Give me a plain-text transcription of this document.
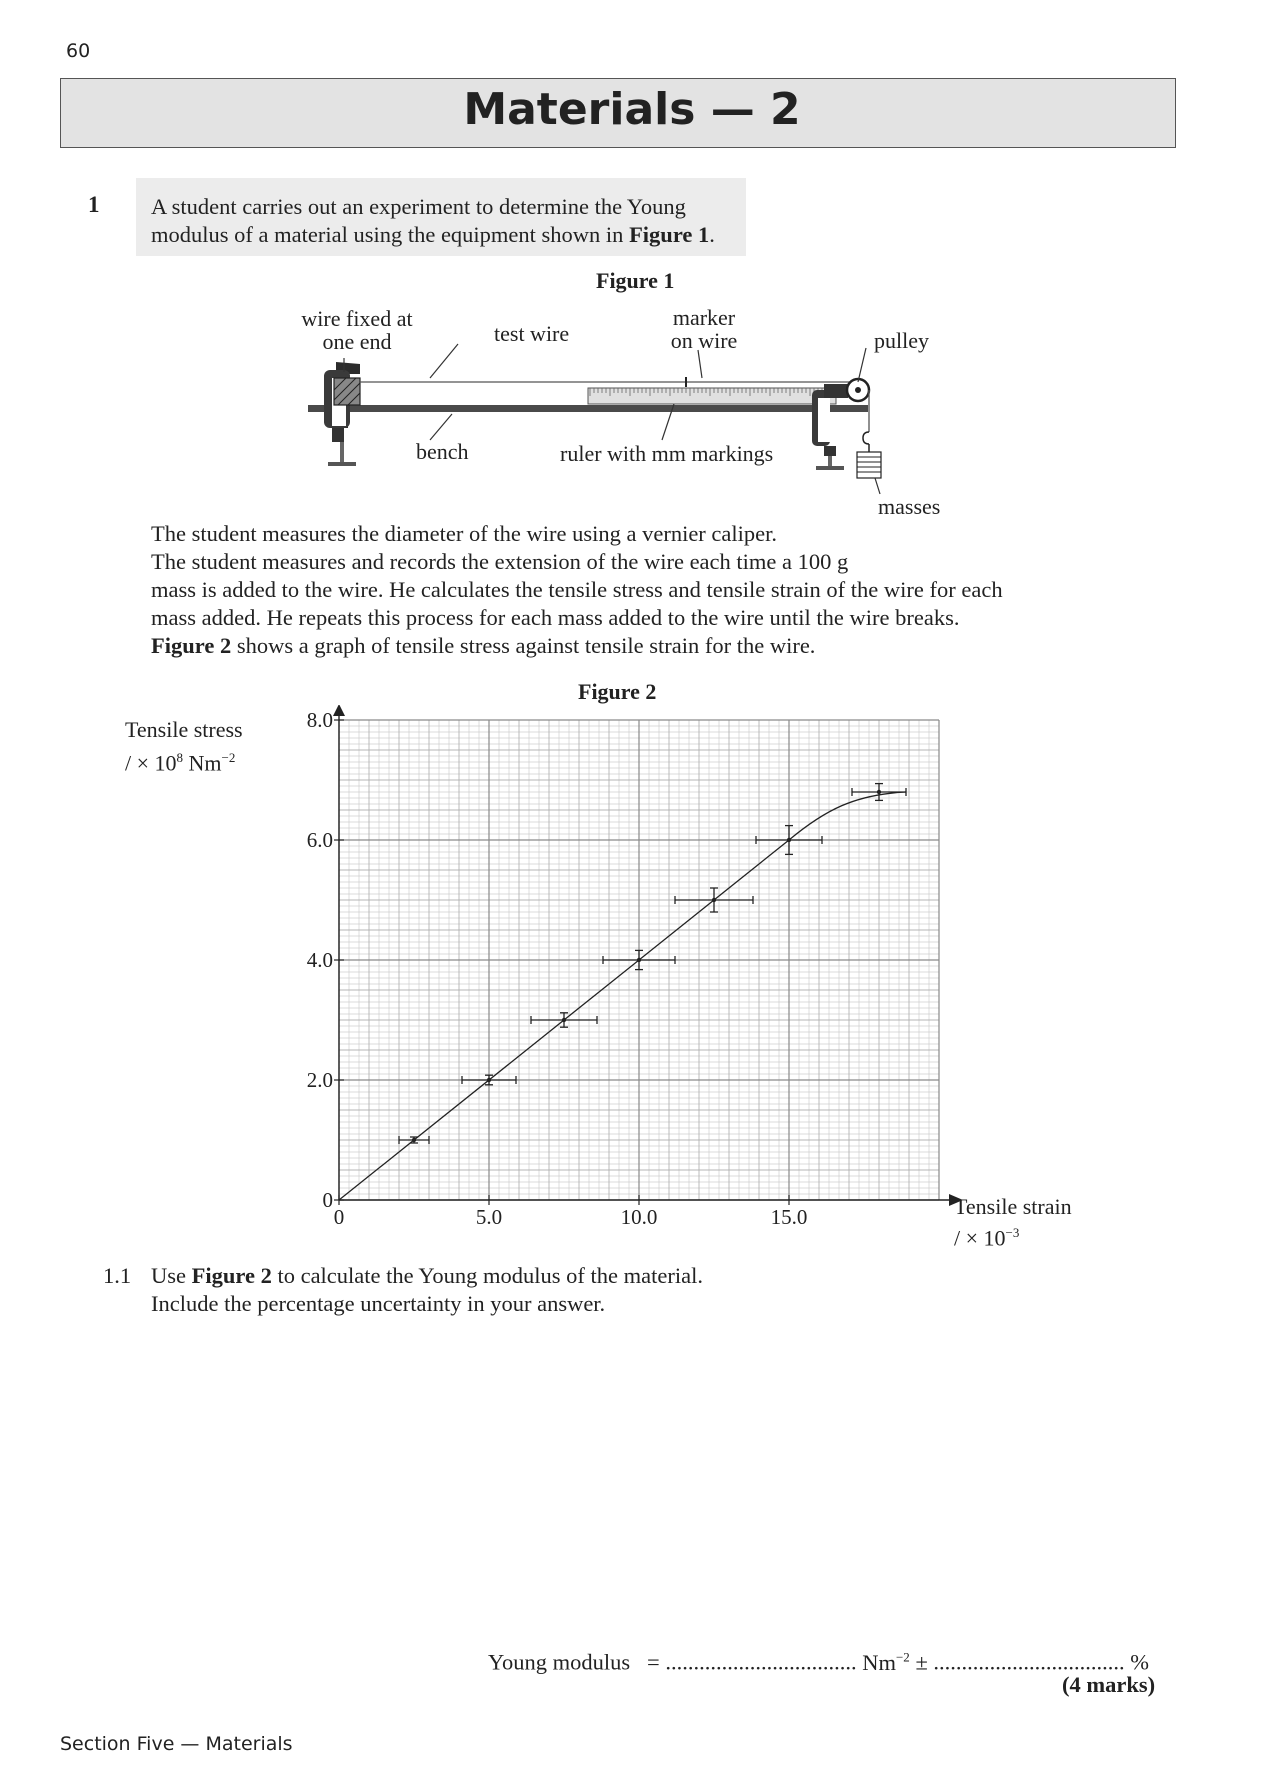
60
Materials — 2
1 A student carries out an experiment to determine the Young
modulus of a material using the equipment shown in Figure 1.
Figure 1
wire fixed at
one end	test wire
marker
on wire	pulley
bench	ruler with mm markings
masses
The student measures the diameter of the wire using a vernier caliper.
The student measures and records the extension of the wire each time a 100 g
mass is added to the wire. He calculates the tensile stress and tensile strain of the wire for each
mass added. He repeats this process for each mass added to the wire until the wire breaks.
Figure 2 shows a graph of tensile stress against tensile strain for the wire.
Figure 2
Tensile stress
/ × $10^8$ $Nm^{-2}$
0	5.0	10.0	15.0
0
2.0
4.0
6.0
8.0
Tensile strain
/ × $10^{-3}$
1.1 Use Figure 2 to calculate the Young modulus of the material.
Include the percentage uncertainty in your answer.
Young modulus = .................................. $Nm^{-2}$ ± .................................. %
(4 marks)
Section Five — Materials
